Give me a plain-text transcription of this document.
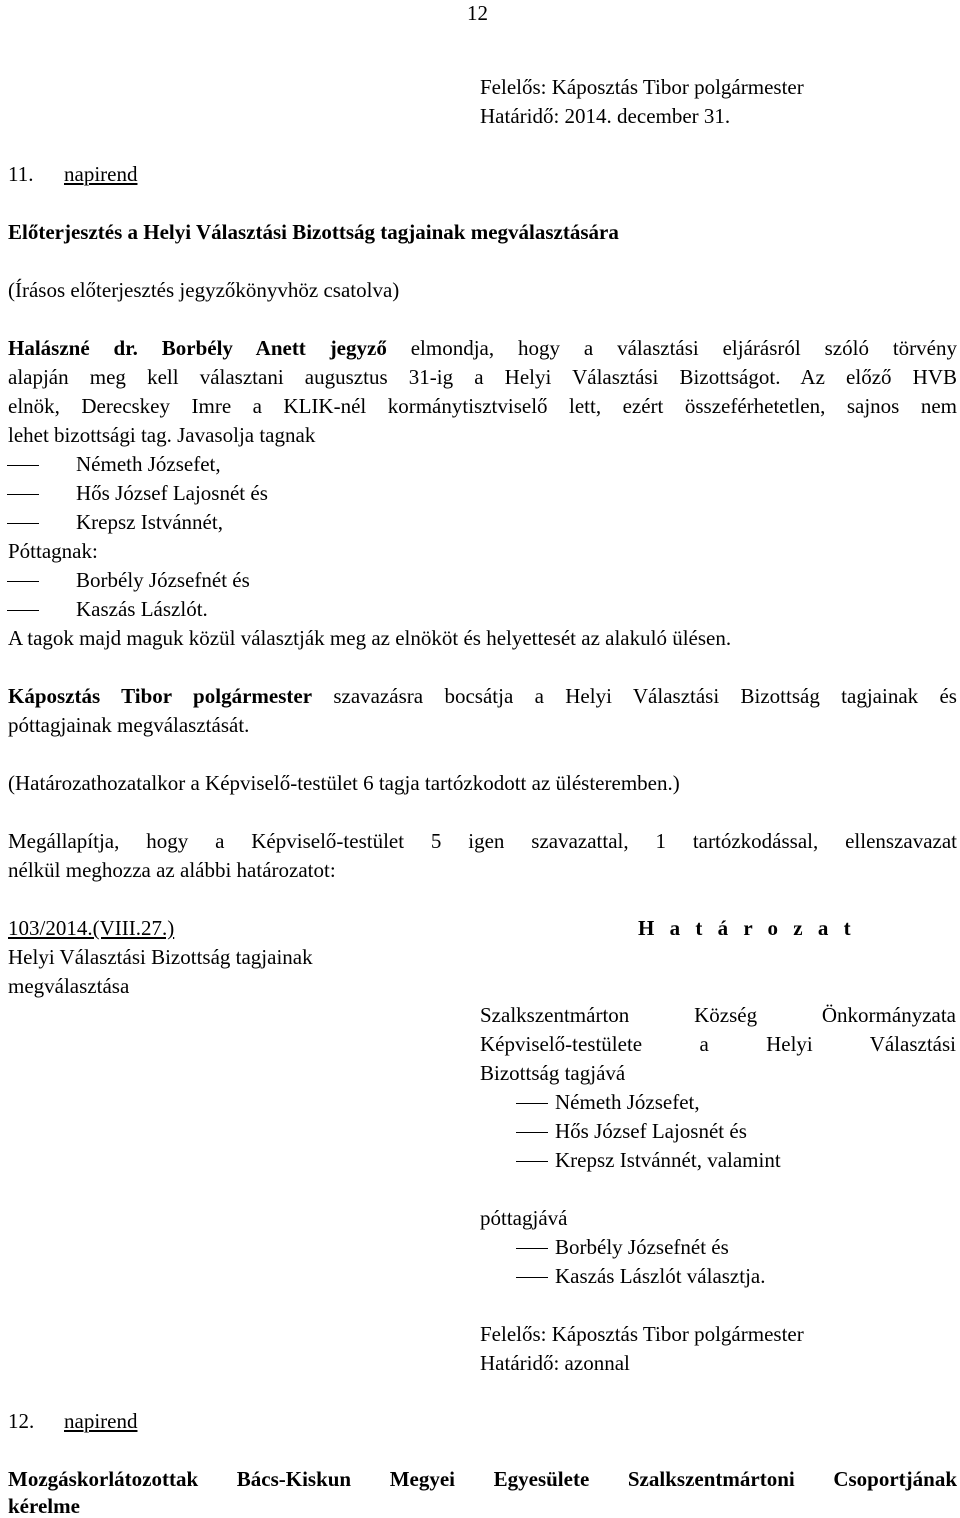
12
Felelős: Káposztás Tibor polgármester
Határidő: 2014. december 31.
11. napirend
Előterjesztés a Helyi Választási Bizottság tagjainak megválasztására
(Írásos előterjesztés jegyzőkönyvhöz csatolva)
Halászné dr. Borbély Anett jegyző elmondja, hogy a választási eljárásról szóló törvény
alapján meg kell választani augusztus 31-ig a Helyi Választási Bizottságot. Az előző HVB
elnök, Derecskey Imre a KLIK-nél kormánytisztviselő lett, ezért összeférhetetlen, sajnos nem
lehet bizottsági tag. Javasolja tagnak
Németh Józsefet,
Hős József Lajosnét és
Krepsz Istvánnét,
Póttagnak:
Borbély Józsefnét és
Kaszás Lászlót.
A tagok majd maguk közül választják meg az elnököt és helyettesét az alakuló ülésen.
Káposztás Tibor polgármester szavazásra bocsátja a Helyi Választási Bizottság tagjainak és
póttagjainak megválasztását.
(Határozathozatalkor a Képviselő-testület 6 tagja tartózkodott az ülésteremben.)
Megállapítja, hogy a Képviselő-testület 5 igen szavazattal, 1 tartózkodással, ellenszavazat
nélkül meghozza az alábbi határozatot:
103/2014.(VIII.27.)	H a t á r o z a t
Helyi Választási Bizottság tagjainak
megválasztása
Szalkszentmárton Község Önkormányzata
Képviselő-testülete a Helyi Választási
Bizottság tagjává
Németh Józsefet,
Hős József Lajosnét és
Krepsz Istvánnét, valamint
póttagjává
Borbély Józsefnét és
Kaszás Lászlót választja.
Felelős: Káposztás Tibor polgármester
Határidő: azonnal
12. napirend
Mozgáskorlátozottak Bács-Kiskun Megyei Egyesülete Szalkszentmártoni Csoportjának
kérelme
